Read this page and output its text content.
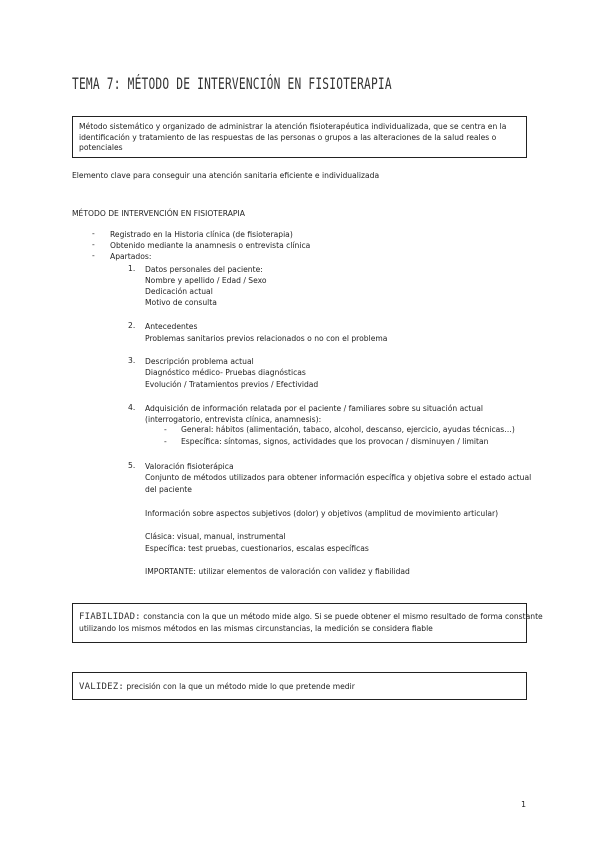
TEMA 7: MÉTODO DE INTERVENCIÓN EN FISIOTERAPIA
Método sistemático y organizado de administrar la atención fisioterapéutica individualizada, que se centra en la identificación y tratamiento de las respuestas de las personas o grupos a las alteraciones de la salud reales o potenciales
Elemento clave para conseguir una atención sanitaria eficiente e individualizada
MÉTODO DE INTERVENCIÓN EN FISIOTERAPIA
- Registrado en la Historia clínica (de fisioterapia)
- Obtenido mediante la anamnesis o entrevista clínica
- Apartados:
1. Datos personales del paciente:
Nombre y apellido / Edad / Sexo
Dedicación actual
Motivo de consulta
2. Antecedentes
Problemas sanitarios previos relacionados o no con el problema
3. Descripción problema actual
Diagnóstico médico- Pruebas diagnósticas
Evolución / Tratamientos previos / Efectividad
4. Adquisición de información relatada por el paciente / familiares sobre su situación actual
(interrogatorio, entrevista clínica, anamnesis):
- General: hábitos (alimentación, tabaco, alcohol, descanso, ejercicio, ayudas técnicas…)
- Específica: síntomas, signos, actividades que los provocan / disminuyen / limitan
5. Valoración fisioterápica
Conjunto de métodos utilizados para obtener información específica y objetiva sobre el estado actual
del paciente
Información sobre aspectos subjetivos (dolor) y objetivos (amplitud de movimiento articular)
Clásica: visual, manual, instrumental
Específica: test pruebas, cuestionarios, escalas específicas
IMPORTANTE: utilizar elementos de valoración con validez y fiabilidad
FIABILIDAD: constancia con la que un método mide algo. Si se puede obtener el mismo resultado de forma constante
utilizando los mismos métodos en las mismas circunstancias, la medición se considera fiable
VALIDEZ: precisión con la que un método mide lo que pretende medir
1
